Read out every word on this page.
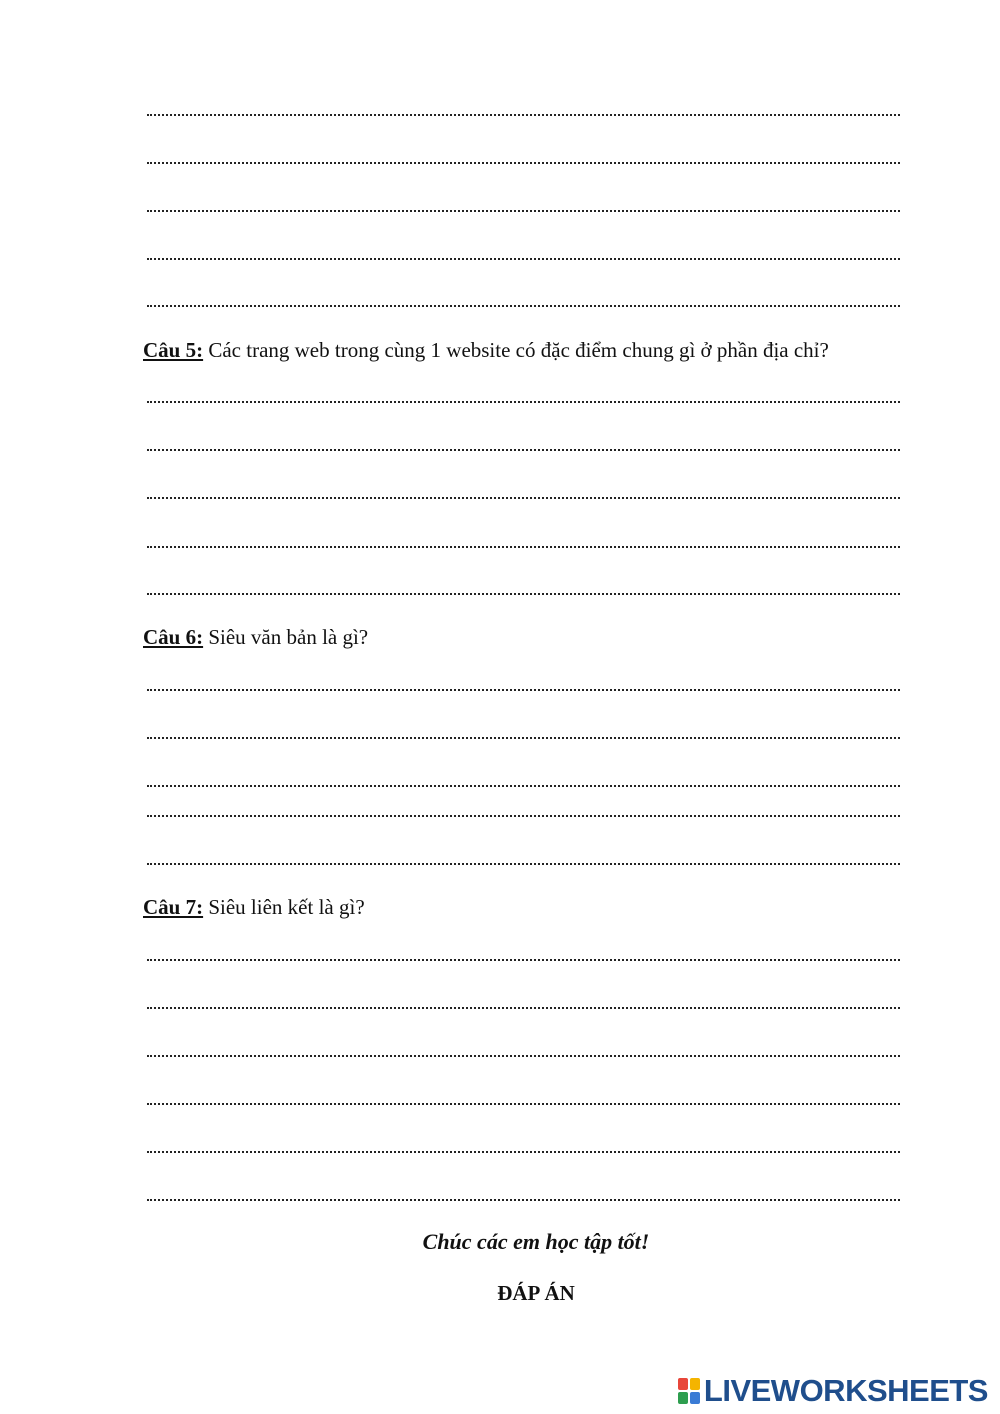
Câu 5: Các trang web trong cùng 1 website có đặc điểm chung gì ở phần địa chỉ?
Câu 6: Siêu văn bản là gì?
Câu 7: Siêu liên kết là gì?
Chúc các em học tập tốt!
ĐÁP ÁN
LIVEWORKSHEETS
